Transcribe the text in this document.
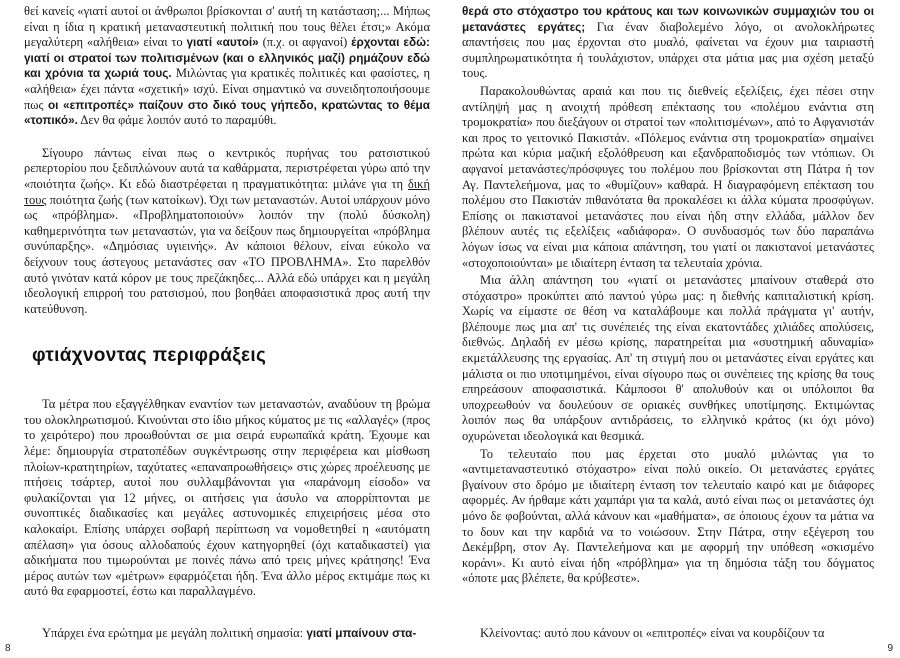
θεί κανείς «γιατί αυτοί οι άνθρωποι βρίσκονται σ' αυτή τη κατάσταση;... Μήπως είναι η ίδια η κρατική μεταναστευτική πολιτική που τους θέλει έτσι;» Ακόμα μεγαλύτερη «αλήθεια» είναι το γιατί «αυτοί» (π.χ. οι αφγανοί) έρχονται εδώ: γιατί οι στρατοί των πολιτισμένων (και ο ελληνικός μαζί) ρημάζουν εδώ και χρόνια τα χωριά τους. Μιλώντας για κρατικές πολιτικές και φασίστες, η «αλήθεια» έχει πάντα «σχετική» ισχύ. Είναι σημαντικό να συνειδητοποιήσουμε πως οι «επιτροπές» παίζουν στο δικό τους γήπεδο, κρατώντας το θέμα «τοπικό». Δεν θα φάμε λοιπόν αυτό το παραμύθι.

Σίγουρο πάντως είναι πως ο κεντρικός πυρήνας του ρατσιστικού ρεπερτορίου που ξεδιπλώνουν αυτά τα καθάρματα, περιστρέφεται γύρω από την «ποιότητα ζωής». Κι εδώ διαστρέφεται η πραγματικότητα: μιλάνε για τη δική τους ποιότητα ζωής (των κατοίκων). Όχι των μεταναστών. Αυτοί υπάρχουν μόνο ως «πρόβλημα». «Προβληματοποιούν» λοιπόν την (πολύ δύσκολη) καθημερινότητα των μεταναστών, για να δείξουν πως δημιουργείται «πρόβλημα συνύπαρξης». «Δημόσιας υγιεινής». Αν κάποιοι θέλουν, είναι εύκολο να δείχνουν τους άστεγους μετανάστες σαν «ΤΟ ΠΡΟΒΛΗΜΑ». Στο παρελθόν αυτό γινόταν κατά κόρον με τους πρεζάκηδες... Αλλά εδώ υπάρχει και η μεγάλη ιδεολογική επιρροή του ρατσισμού, που βοηθάει αποφασιστικά προς αυτή την κατεύθυνση.

φτιάχνοντας περιφράξεις

Τα μέτρα που εξαγγέλθηκαν εναντίον των μεταναστών, αναδύουν τη βρώμα του ολοκληρωτισμού. Κινούνται στο ίδιο μήκος κύματος με τις «αλλαγές» (προς το χειρότερο) που προωθούνται σε μια σειρά ευρωπαϊκά κράτη. Έχουμε και λέμε: δημιουργία στρατοπέδων συγκέντρωσης στην περιφέρεια και μίσθωση πλοίων-κρατητηρίων, ταχύτατες «επαναπροωθήσεις» στις χώρες προέλευσης με πτήσεις τσάρτερ, αυτοί που συλλαμβάνονται για «παράνομη είσοδο» να φυλακίζονται για 12 μήνες, οι αιτήσεις για άσυλο να απορρίπτονται με συνοπτικές διαδικασίες και μεγάλες αστυνομικές επιχειρήσεις μέσα στο καλοκαίρι. Επίσης υπάρχει σοβαρή περίπτωση να νομοθετηθεί η «αυτόματη απέλαση» για όσους αλλοδαπούς έχουν κατηγορηθεί (όχι καταδικαστεί) για αδικήματα που τιμωρούνται με ποινές πάνω από τρεις μήνες κράτησης! Ένα μέρος αυτών των «μέτρων» εφαρμόζεται ήδη. Ένα άλλο μέρος εκτιμάμε πως κι αυτό θα εφαρμοστεί, έστω και παραλλαγμένο.

Υπάρχει ένα ερώτημα με μεγάλη πολιτική σημασία: γιατί μπαίνουν στα-

8

θερά στο στόχαστρο του κράτους και των κοινωνικών συμμαχιών του οι μετανάστες εργάτες; Για έναν διαβολεμένο λόγο, οι ανολοκλήρωτες απαντήσεις που μας έρχονται στο μυαλό, φαίνεται να έχουν μια ταιριαστή συμπληρωματικότητα ή τουλάχιστον, υπάρχει στα μάτια μας μια σχέση μεταξύ τους.

Παρακολουθώντας αραιά και που τις διεθνείς εξελίξεις, έχει πέσει στην αντίληψή μας η ανοιχτή πρόθεση επέκτασης του «πολέμου ενάντια στη τρομοκρατία» που διεξάγουν οι στρατοί των «πολιτισμένων», από το Αφγανιστάν και προς το γειτονικό Πακιστάν. «Πόλεμος ενάντια στη τρομοκρατία» σημαίνει πρώτα και κύρια μαζική εξολόθρευση και εξανδραποδισμός των ντόπιων. Οι αφγανοί μετανάστες/πρόσφυγες του πολέμου που βρίσκονται στη Πάτρα ή τον Αγ. Παντελεήμονα, μας το «θυμίζουν» καθαρά. Η διαγραφόμενη επέκταση του πολέμου στο Πακιστάν πιθανότατα θα προκαλέσει κι άλλα κύματα προσφύγων. Επίσης οι πακιστανοί μετανάστες που είναι ήδη στην ελλάδα, μάλλον δεν βλέπουν αυτές τις εξελίξεις «αδιάφορα». Ο συνδυασμός των δύο παραπάνω λόγων ίσως να είναι μια κάποια απάντηση, του γιατί οι πακιστανοί μετανάστες «στοχοποιούνται» με ιδιαίτερη ένταση τα τελευταία χρόνια.

Μια άλλη απάντηση του «γιατί οι μετανάστες μπαίνουν σταθερά στο στόχαστρο» προκύπτει από παντού γύρω μας: η διεθνής καπιταλιστική κρίση. Χωρίς να είμαστε σε θέση να καταλάβουμε και πολλά πράγματα γι' αυτήν, βλέπουμε πως μια απ' τις συνέπειές της είναι εκατοντάδες χιλιάδες απολύσεις, διεθνώς. Δηλαδή εν μέσω κρίσης, παρατηρείται μια «συστημική αδυναμία» εκμετάλλευσης της εργασίας. Απ' τη στιγμή που οι μετανάστες είναι εργάτες και μάλιστα οι πιο υποτιμημένοι, είναι σίγουρο πως οι συνέπειες της κρίσης θα τους επηρεάσουν αποφασιστικά. Κάμποσοι θ' απολυθούν και οι υπόλοιποι θα υποχρεωθούν να δουλεύουν σε οριακές συνθήκες υποτίμησης. Εκτιμώντας λοιπόν πως θα υπάρξουν αντιδράσεις, το ελληνικό κράτος (κι όχι μόνο) οχυρώνεται ιδεολογικά και θεσμικά.

Το τελευταίο που μας έρχεται στο μυαλό μιλώντας για το «αντιμεταναστευτικό στόχαστρο» είναι πολύ οικείο. Οι μετανάστες εργάτες βγαίνουν στο δρόμο με ιδιαίτερη ένταση τον τελευταίο καιρό και με διάφορες αφορμές. Αν ήρθαμε κάτι χαμπάρι για τα καλά, αυτό είναι πως οι μετανάστες όχι μόνο δε φοβούνται, αλλά κάνουν και «μαθήματα», σε όποιους έχουν τα μάτια να το δουν και την καρδιά να το νοιώσουν. Στην Πάτρα, στην εξέγερση του Δεκέμβρη, στον Αγ. Παντελεήμονα και με αφορμή την υπόθεση «σκισμένο κοράνι». Κι αυτό είναι ήδη «πρόβλημα» για τη δημόσια τάξη του δόγματος «όποτε μας βλέπετε, θα κρύβεστε».

Κλείνοντας: αυτό που κάνουν οι «επιτροπές» είναι να κουρδίζουν τα

9
